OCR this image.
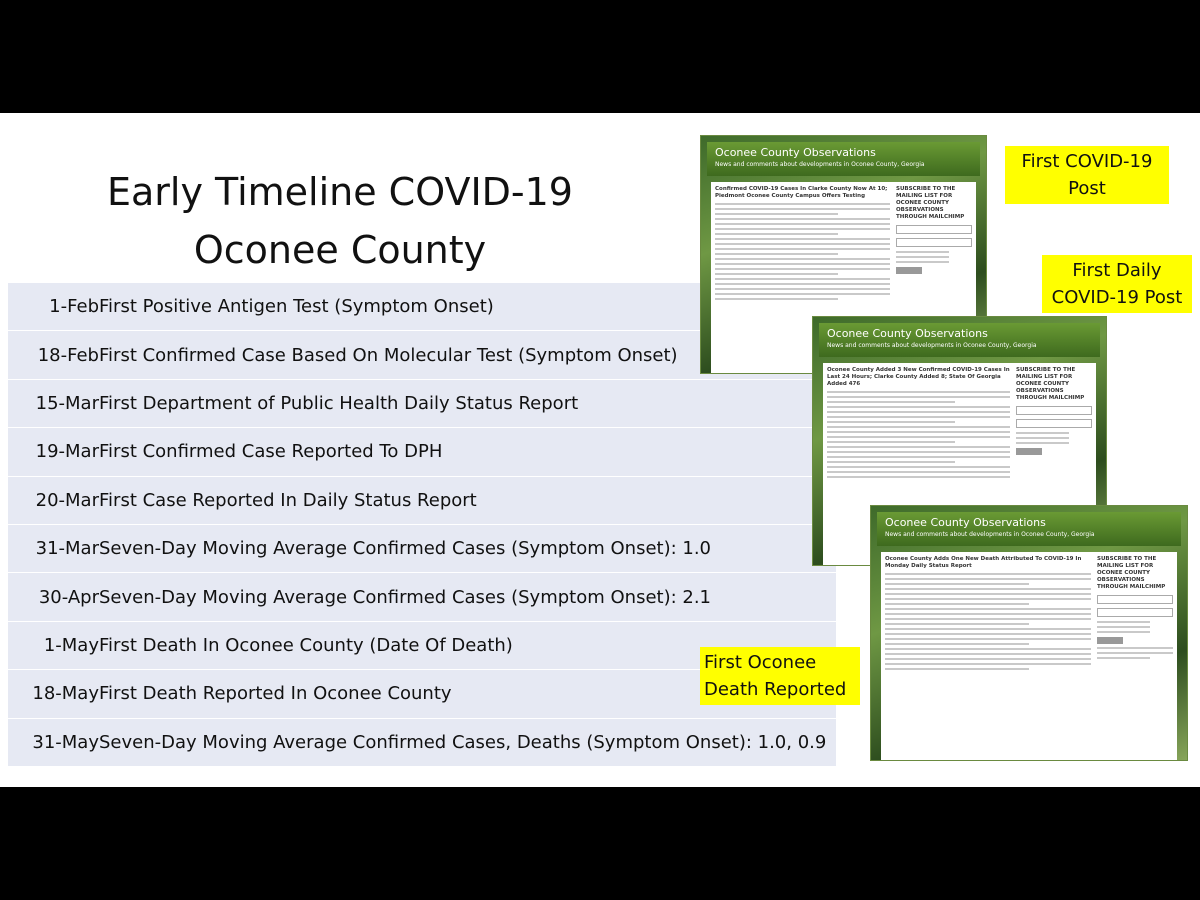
Early Timeline COVID-19
Oconee County
1-Feb First Positive Antigen Test (Symptom Onset)
18-Feb First Confirmed Case Based On Molecular Test (Symptom Onset)
15-Mar First Department of Public Health Daily Status Report
19-Mar First Confirmed Case Reported To DPH
20-Mar First Case Reported In Daily Status Report
31-Mar Seven-Day Moving Average Confirmed Cases (Symptom Onset): 1.0
30-Apr Seven-Day Moving Average Confirmed Cases (Symptom Onset): 2.1
1-May First Death In Oconee County (Date Of Death)
18-May First Death Reported In Oconee County
31-May Seven-Day Moving Average Confirmed Cases, Deaths (Symptom Onset): 1.0, 0.9
Oconee County Observations
News and comments about developments in Oconee County, Georgia
Confirmed COVID-19 Cases In Clarke County Now At 10; Piedmont Oconee County Campus Offers Testing
SUBSCRIBE TO THE MAILING LIST FOR OCONEE COUNTY OBSERVATIONS THROUGH MAILCHIMP
Oconee County Observations
News and comments about developments in Oconee County, Georgia
Oconee County Added 3 New Confirmed COVID-19 Cases In Last 24 Hours; Clarke County Added 8; State Of Georgia Added 476
SUBSCRIBE TO THE MAILING LIST FOR OCONEE COUNTY OBSERVATIONS THROUGH MAILCHIMP
Oconee County Observations
News and comments about developments in Oconee County, Georgia
Oconee County Adds One New Death Attributed To COVID-19 In Monday Daily Status Report
SUBSCRIBE TO THE MAILING LIST FOR OCONEE COUNTY OBSERVATIONS THROUGH MAILCHIMP
First COVID-19 Post
First Daily COVID-19 Post
First Oconee Death Reported
